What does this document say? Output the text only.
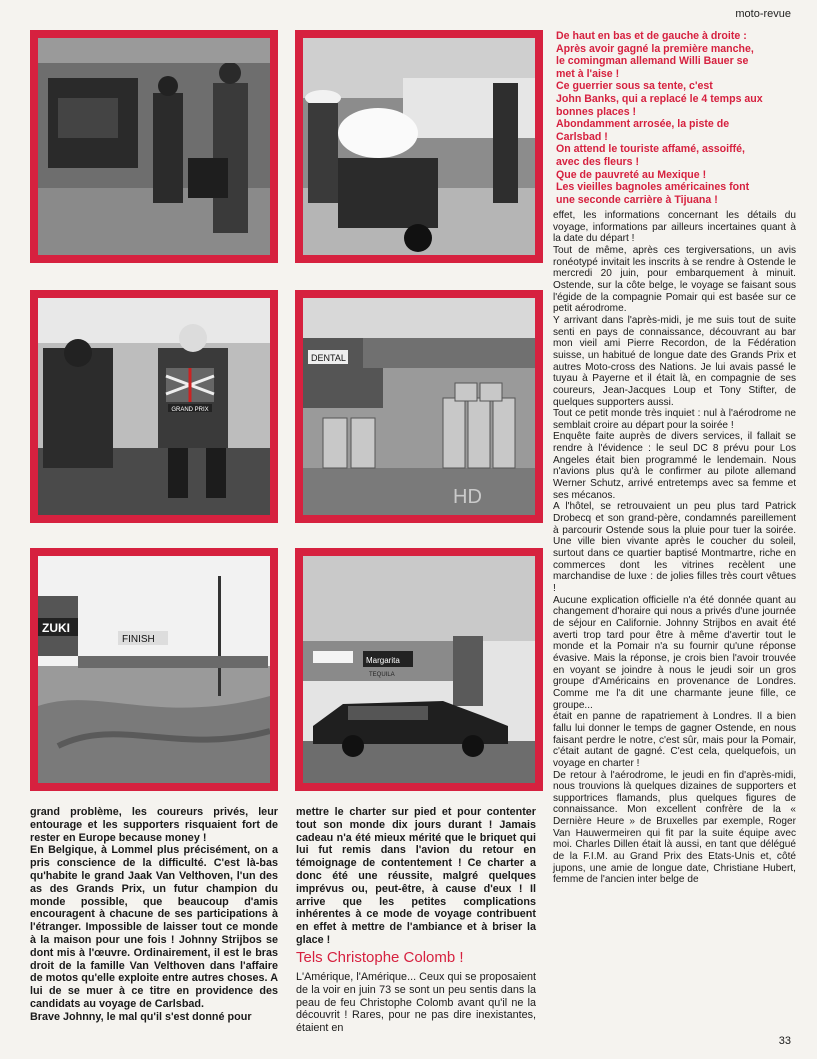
moto-revue
GRAND PRIX
ZUKI
FINISH
DENTAL
HD
Margarita
TEQUILA
De haut en bas et de gauche à droite :
Après avoir gagné la première manche,
le comingman allemand Willi Bauer se
met à l'aise !
Ce guerrier sous sa tente, c'est
John Banks, qui a replacé le 4 temps aux
bonnes places !
Abondamment arrosée, la piste de
Carlsbad !
On attend le touriste affamé, assoiffé,
avec des fleurs !
Que de pauvreté au Mexique !
Les vieilles bagnoles américaines font
une seconde carrière à Tijuana !

grand problème, les coureurs privés, leur entourage et les supporters risquaient fort de rester en Europe because money !

En Belgique, à Lommel plus précisément, on a pris conscience de la difficulté. C'est là-bas qu'habite le grand Jaak Van Velthoven, l'un des as des Grands Prix, un futur champion du monde possible, que beaucoup d'amis encouragent à chacune de ses participations à l'étranger. Impossible de laisser tout ce monde à la maison pour une fois ! Johnny Strijbos se dont mis à l'œuvre. Ordinairement, il est le bras droit de la famille Van Velthoven dans l'affaire de motos qu'elle exploite entre autres choses. A lui de se muer à ce titre en providence des candidats au voyage de Carlsbad.

Brave Johnny, le mal qu'il s'est donné pour

mettre le charter sur pied et pour contenter tout son monde dix jours durant ! Jamais cadeau n'a été mieux mérité que le briquet qui lui fut remis dans l'avion du retour en témoignage de contentement ! Ce charter a donc été une réussite, malgré quelques imprévus ou, peut-être, à cause d'eux ! Il arrive que les petites complications inhérentes à ce mode de voyage contribuent en effet à mettre de l'ambiance et à briser la glace !

Tels Christophe Colomb !

L'Amérique, l'Amérique... Ceux qui se proposaient de la voir en juin 73 se sont un peu sentis dans la peau de feu Christophe Colomb avant qu'il ne la découvrit ! Rares, pour ne pas dire inexistantes, étaient en

effet, les informations concernant les détails du voyage, informations par ailleurs incertaines quant à la date du départ !

Tout de même, après ces tergiversations, un avis ronéotypé invitait les inscrits à se rendre à Ostende le mercredi 20 juin, pour embarquement à minuit. Ostende, sur la côte belge, le voyage se faisant sous l'égide de la compagnie Pomair qui est basée sur ce petit aérodrome.

Y arrivant dans l'après-midi, je me suis tout de suite senti en pays de connaissance, découvrant au bar mon vieil ami Pierre Recordon, de la Fédération suisse, un habitué de longue date des Grands Prix et autres Moto-cross des Nations. Je lui avais passé le tuyau à Payerne et il était là, en compagnie de ses coureurs, Jean-Jacques Loup et Tony Stifter, de quelques supporters aussi.

Tout ce petit monde très inquiet : nul à l'aérodrome ne semblait croire au départ pour la soirée !

Enquête faite auprès de divers services, il fallait se rendre à l'évidence : le seul DC 8 prévu pour Los Angeles était bien programmé le lendemain. Nous n'avions plus qu'à le confirmer au pilote allemand Werner Schutz, arrivé entretemps avec sa femme et ses mécanos.

A l'hôtel, se retrouvaient un peu plus tard Patrick Drobecq et son grand-père, condamnés pareillement à parcourir Ostende sous la pluie pour tuer la soirée. Une ville bien vivante après le coucher du soleil, surtout dans ce quartier baptisé Montmartre, riche en commerces dont les vitrines recèlent une marchandise de luxe : de jolies filles très court vêtues !

Aucune explication officielle n'a été donnée quant au changement d'horaire qui nous a privés d'une journée de séjour en Californie. Johnny Strijbos en avait été averti trop tard pour être à même d'avertir tout le monde et la Pomair n'a su fournir qu'une réponse évasive. Mais la réponse, je crois bien l'avoir trouvée en voyant se joindre à nous le jeudi soir un gros groupe d'Américains en provenance de Londres. Comme me l'a dit une charmante jeune fille, ce groupe...

était en panne de rapatriement à Londres. Il a bien fallu lui donner le temps de gagner Ostende, en nous faisant perdre le notre, c'est sûr, mais pour la Pomair, c'était autant de gagné. C'est cela, quelquefois, un voyage en charter !

De retour à l'aérodrome, le jeudi en fin d'après-midi, nous trouvions là quelques dizaines de supporters et supportrices flamands, plus quelques figures de connaissance. Mon excellent confrère de la « Dernière Heure » de Bruxelles par exemple, Roger Van Hauwermeiren qui fit par la suite équipe avec moi. Charles Dillen était là aussi, en tant que délégué de la F.I.M. au Grand Prix des Etats-Unis et, côté jupons, une amie de longue date, Christiane Hubert, femme de l'ancien inter belge de

33
